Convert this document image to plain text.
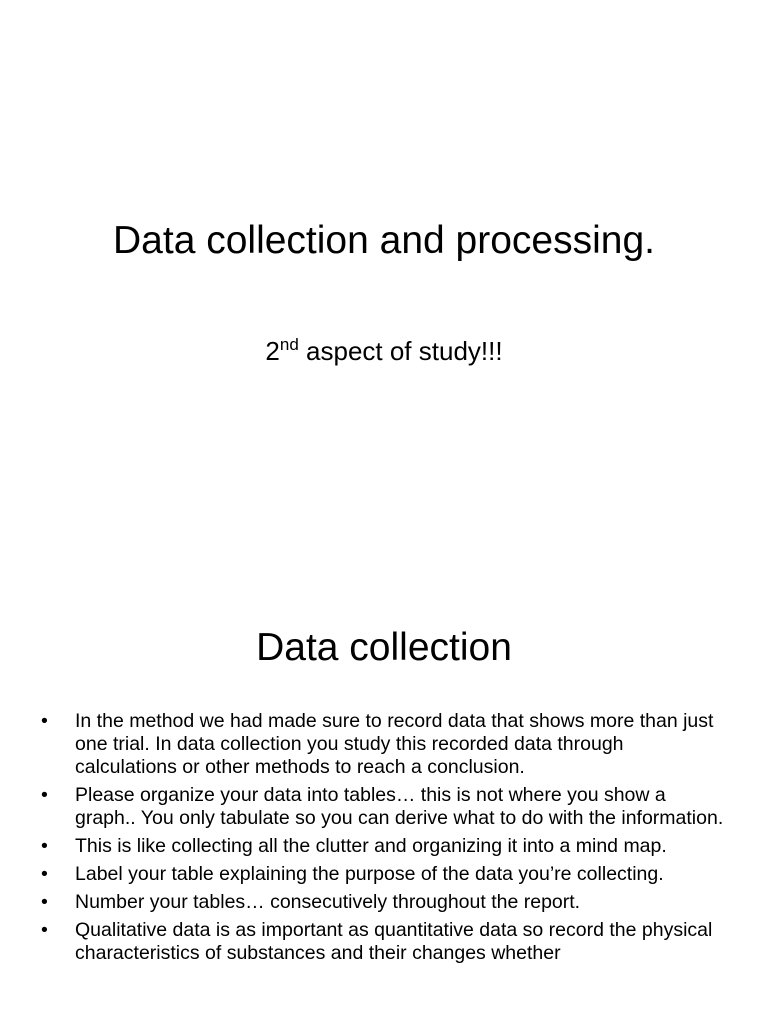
Data collection and processing.

2nd aspect of study!!!

Data collection
• In the method we had made sure to record data that shows more than just one trial. In data collection you study this recorded data through calculations or other methods to reach a conclusion.
• Please organize your data into tables… this is not where you show a graph.. You only tabulate so you can derive what to do with the information.
• This is like collecting all the clutter and organizing it into a mind map.
• Label your table explaining the purpose of the data you’re collecting.
• Number your tables… consecutively throughout the report.
• Qualitative data is as important as quantitative data so record the physical characteristics of substances and their changes whether
